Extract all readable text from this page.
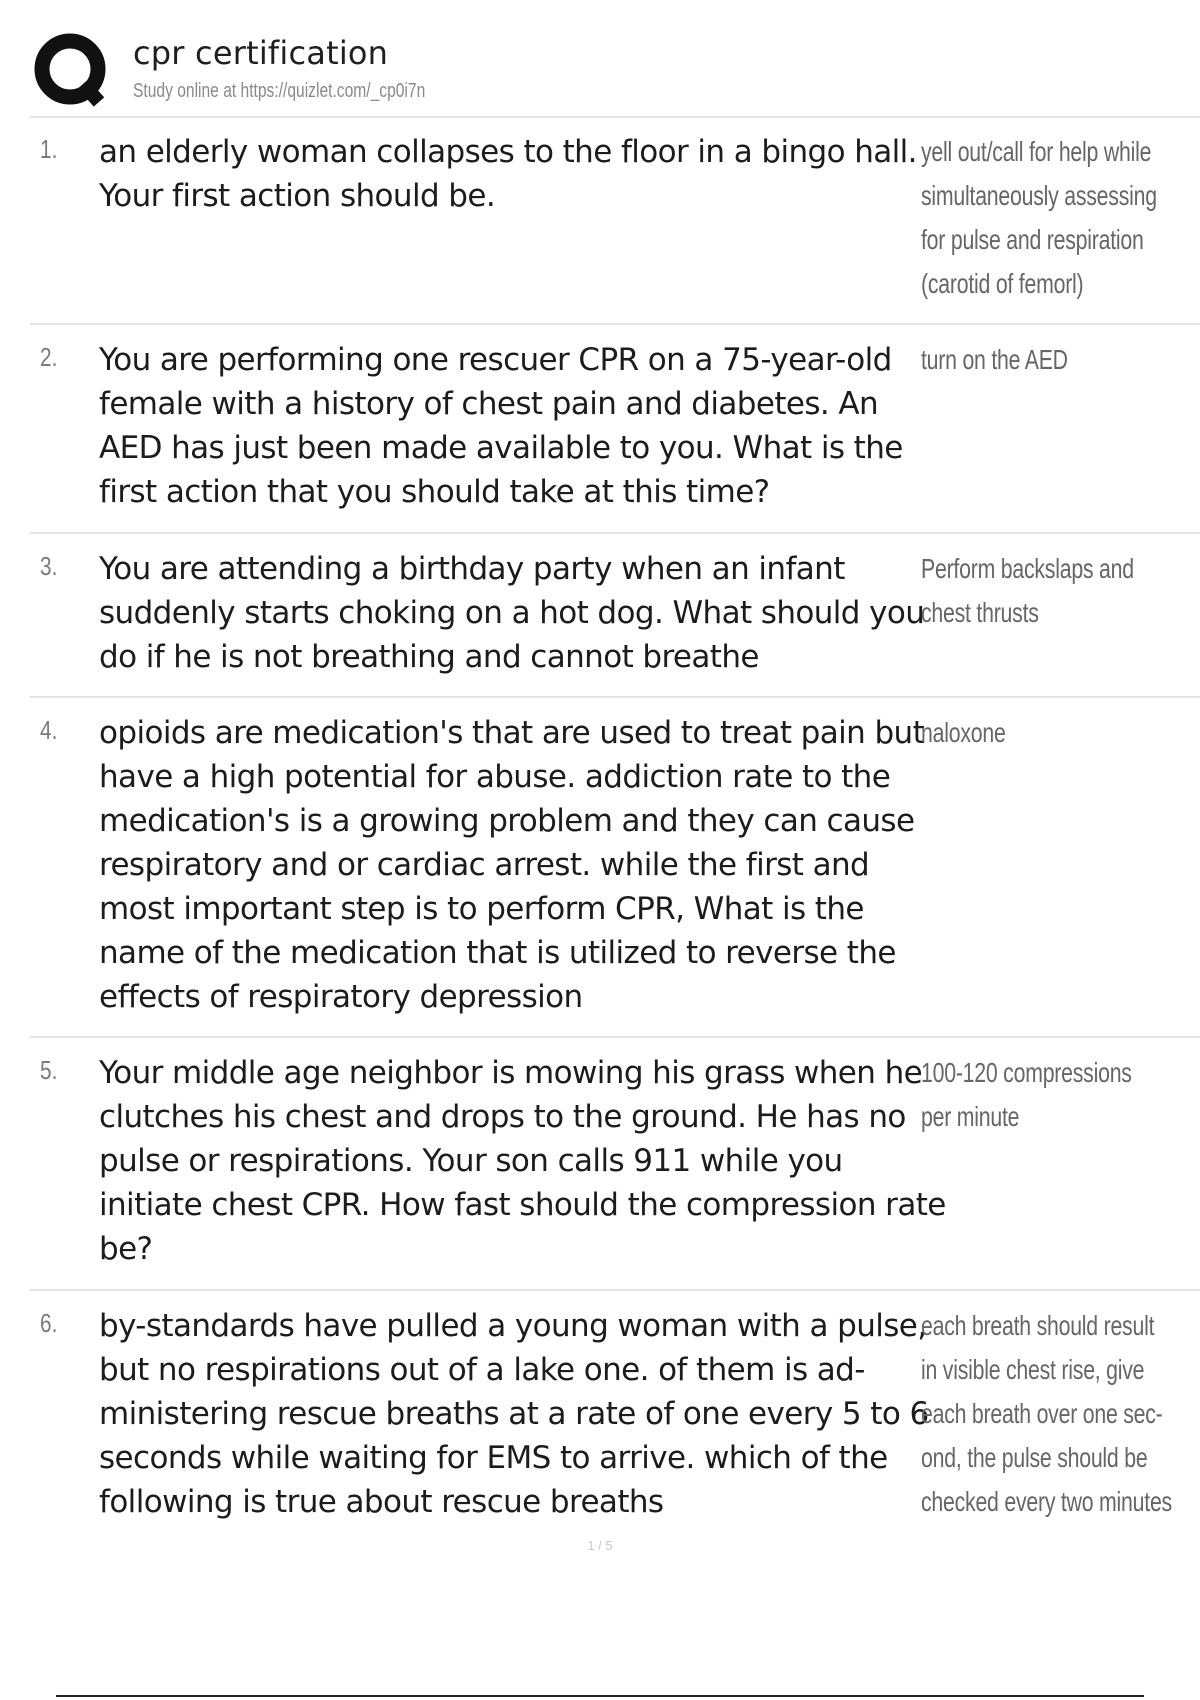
cpr certification
Study online at https://quizlet.com/_cp0i7n
1. an elderly woman collapses to the floor in a bingo hall. Your first action should be.

yell out/call for help while simultaneously assessing for pulse and respiration (carotid of femorl)
2. You are performing one rescuer CPR on a 75-year-old female with a history of chest pain and diabetes. An AED has just been made available to you. What is the first action that you should take at this time?

turn on the AED
3. You are attending a birthday party when an infant suddenly starts choking on a hot dog. What should you do if he is not breathing and cannot breathe

Perform backslaps and chest thrusts
4. opioids are medication's that are used to treat pain but have a high potential for abuse. addiction rate to the medication's is a growing problem and they can cause respiratory and or cardiac arrest. while the first and most important step is to perform CPR, What is the name of the medication that is utilized to reverse the effects of respiratory depression

naloxone
5. Your middle age neighbor is mowing his grass when he clutches his chest and drops to the ground. He has no pulse or respirations. Your son calls 911 while you initiate chest CPR. How fast should the compression rate be?

100-120 compressions per minute
6. by-standards have pulled a young woman with a pulse, but no respirations out of a lake one. of them is ad-ministering rescue breaths at a rate of one every 5 to 6 seconds while waiting for EMS to arrive. which of the following is true about rescue breaths

each breath should result in visible chest rise, give each breath over one sec-ond, the pulse should be checked every two minutes
1 / 5
